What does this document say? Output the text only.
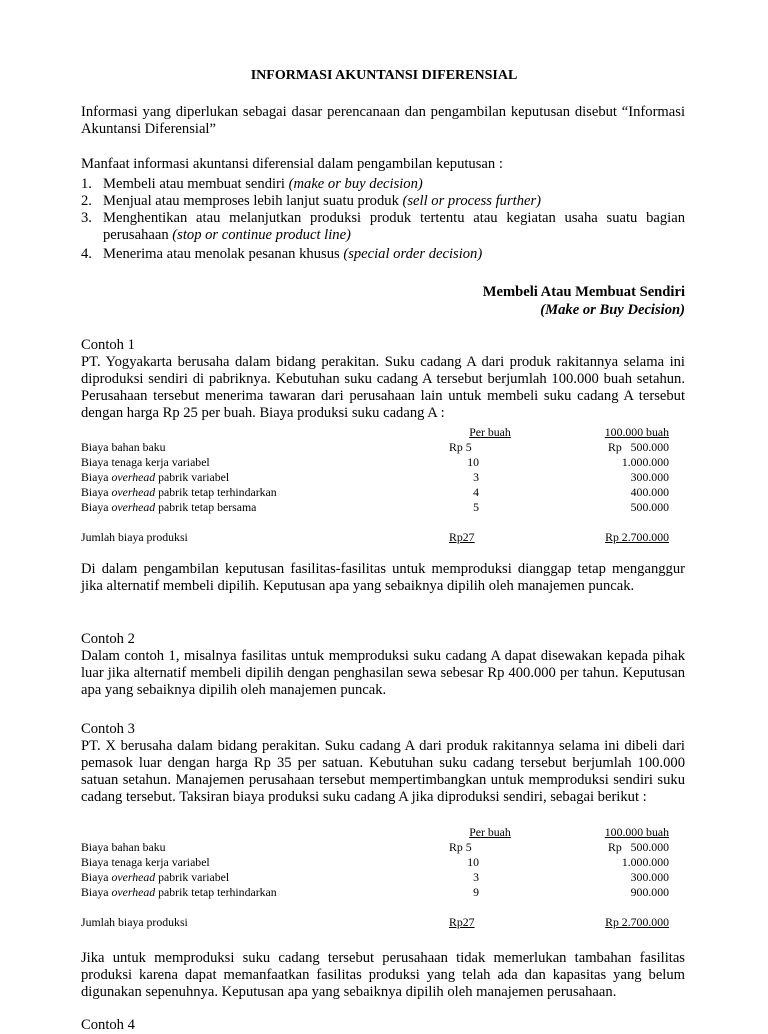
INFORMASI AKUNTANSI DIFERENSIAL

Informasi yang diperlukan sebagai dasar perencanaan dan pengambilan keputusan disebut “Informasi Akuntansi Diferensial”

Manfaat informasi akuntansi diferensial dalam pengambilan keputusan :

1. Membeli atau membuat sendiri (make or buy decision)
2. Menjual atau memproses lebih lanjut suatu produk (sell or process further)
3. Menghentikan atau melanjutkan produksi produk tertentu atau kegiatan usaha suatu bagian perusahaan (stop or continue product line)
4. Menerima atau menolak pesanan khusus (special order decision)
Membeli Atau Membuat Sendiri
(Make or Buy Decision)

Contoh 1

PT. Yogyakarta berusaha dalam bidang perakitan. Suku cadang A dari produk rakitannya selama ini diproduksi sendiri di pabriknya. Kebutuhan suku cadang A tersebut berjumlah 100.000 buah setahun. Perusahaan tersebut menerima tawaran dari perusahaan lain untuk membeli suku cadang A tersebut dengan harga Rp 25 per buah. Biaya produksi suku cadang A :

	Per buah	100.000 buah
Biaya bahan baku	Rp 5	Rp   500.000
Biaya tenaga kerja variabel	10	1.000.000
Biaya overhead pabrik variabel	3	300.000
Biaya overhead pabrik tetap terhindarkan	4	400.000
Biaya overhead pabrik tetap bersama	5	500.000

Jumlah biaya produksi	Rp27	Rp 2.700.000

Di dalam pengambilan keputusan fasilitas-fasilitas untuk memproduksi dianggap tetap menganggur jika alternatif membeli dipilih. Keputusan apa yang sebaiknya dipilih oleh manajemen puncak.

Contoh 2

Dalam contoh 1, misalnya fasilitas untuk memproduksi suku cadang A dapat disewakan kepada pihak luar jika alternatif membeli dipilih dengan penghasilan sewa sebesar Rp 400.000 per tahun. Keputusan apa yang sebaiknya dipilih oleh manajemen puncak.

Contoh 3

PT. X berusaha dalam bidang perakitan. Suku cadang A dari produk rakitannya selama ini dibeli dari pemasok luar dengan harga Rp 35 per satuan. Kebutuhan suku cadang tersebut berjumlah 100.000 satuan setahun. Manajemen perusahaan tersebut mempertimbangkan untuk memproduksi sendiri suku cadang tersebut. Taksiran biaya produksi suku cadang A jika diproduksi sendiri, sebagai berikut :

	Per buah	100.000 buah
Biaya bahan baku	Rp 5	Rp   500.000
Biaya tenaga kerja variabel	10	1.000.000
Biaya overhead pabrik variabel	3	300.000
Biaya overhead pabrik tetap terhindarkan	9	900.000

Jumlah biaya produksi	Rp27	Rp 2.700.000

Jika untuk memproduksi suku cadang tersebut perusahaan tidak memerlukan tambahan fasilitas produksi karena dapat memanfaatkan fasilitas produksi yang telah ada dan kapasitas yang belum digunakan sepenuhnya. Keputusan apa yang sebaiknya dipilih oleh manajemen perusahaan.

Contoh 4
